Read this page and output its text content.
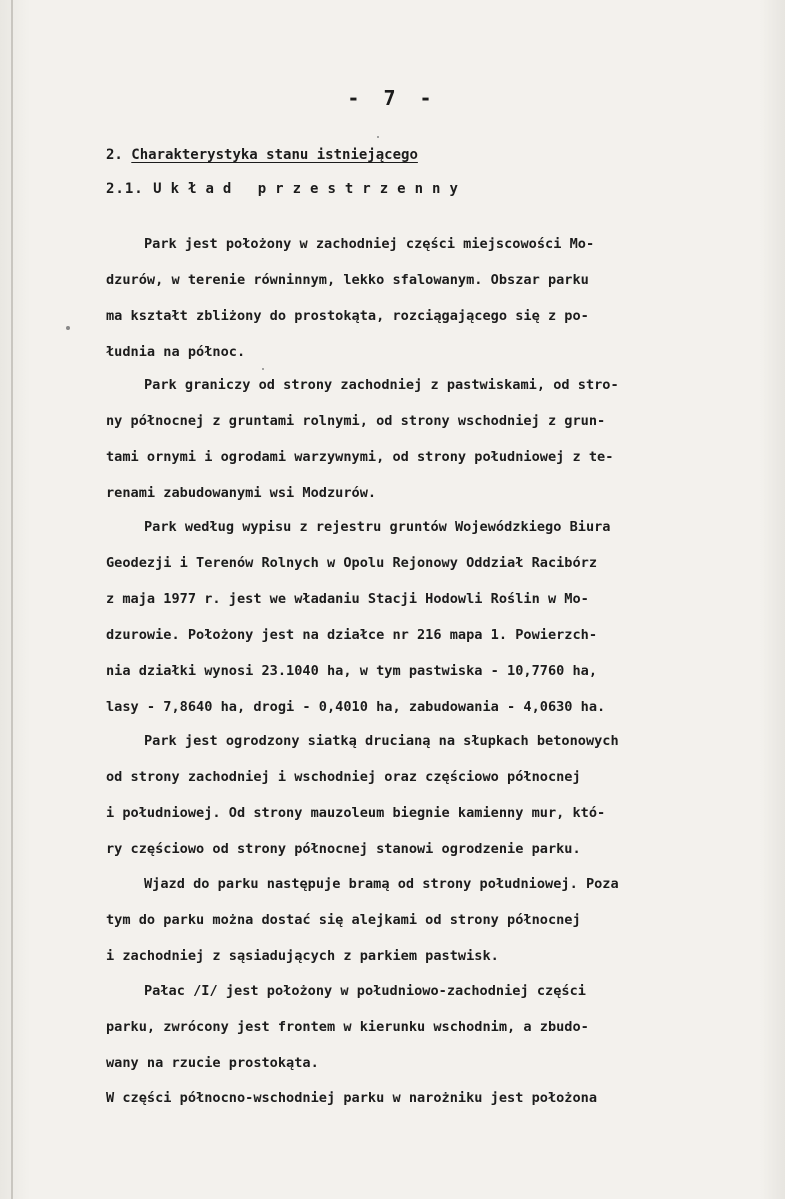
- 7 -
2. Charakterystyka stanu istniejącego
2.1. Układ przestrzenny
Park jest położony w zachodniej części miejscowości Mo-
dzurów, w terenie równinnym, lekko sfalowanym. Obszar parku
ma kształt zbliżony do prostokąta, rozciągającego się z po-
łudnia na północ.
Park graniczy od strony zachodniej z pastwiskami, od stro-
ny północnej z gruntami rolnymi, od strony wschodniej z grun-
tami ornymi i ogrodami warzywnymi, od strony południowej z te-
renami zabudowanymi wsi Modzurów.
Park według wypisu z rejestru gruntów Wojewódzkiego Biura
Geodezji i Terenów Rolnych w Opolu Rejonowy Oddział Racibórz
z maja 1977 r. jest we władaniu Stacji Hodowli Roślin w Mo-
dzurowie. Położony jest na działce nr 216 mapa 1. Powierzch-
nia działki wynosi 23.1040 ha, w tym pastwiska - 10,7760 ha,
lasy - 7,8640 ha, drogi - 0,4010 ha, zabudowania - 4,0630 ha.
Park jest ogrodzony siatką drucianą na słupkach betonowych
od strony zachodniej i wschodniej oraz częściowo północnej
i południowej. Od strony mauzoleum biegnie kamienny mur, któ-
ry częściowo od strony północnej stanowi ogrodzenie parku.
Wjazd do parku następuje bramą od strony południowej. Poza
tym do parku można dostać się alejkami od strony północnej
i zachodniej z sąsiadujących z parkiem pastwisk.
Pałac /I/ jest położony w południowo-zachodniej części
parku, zwrócony jest frontem w kierunku wschodnim, a zbudo-
wany na rzucie prostokąta.
W części północno-wschodniej parku w narożniku jest położona
